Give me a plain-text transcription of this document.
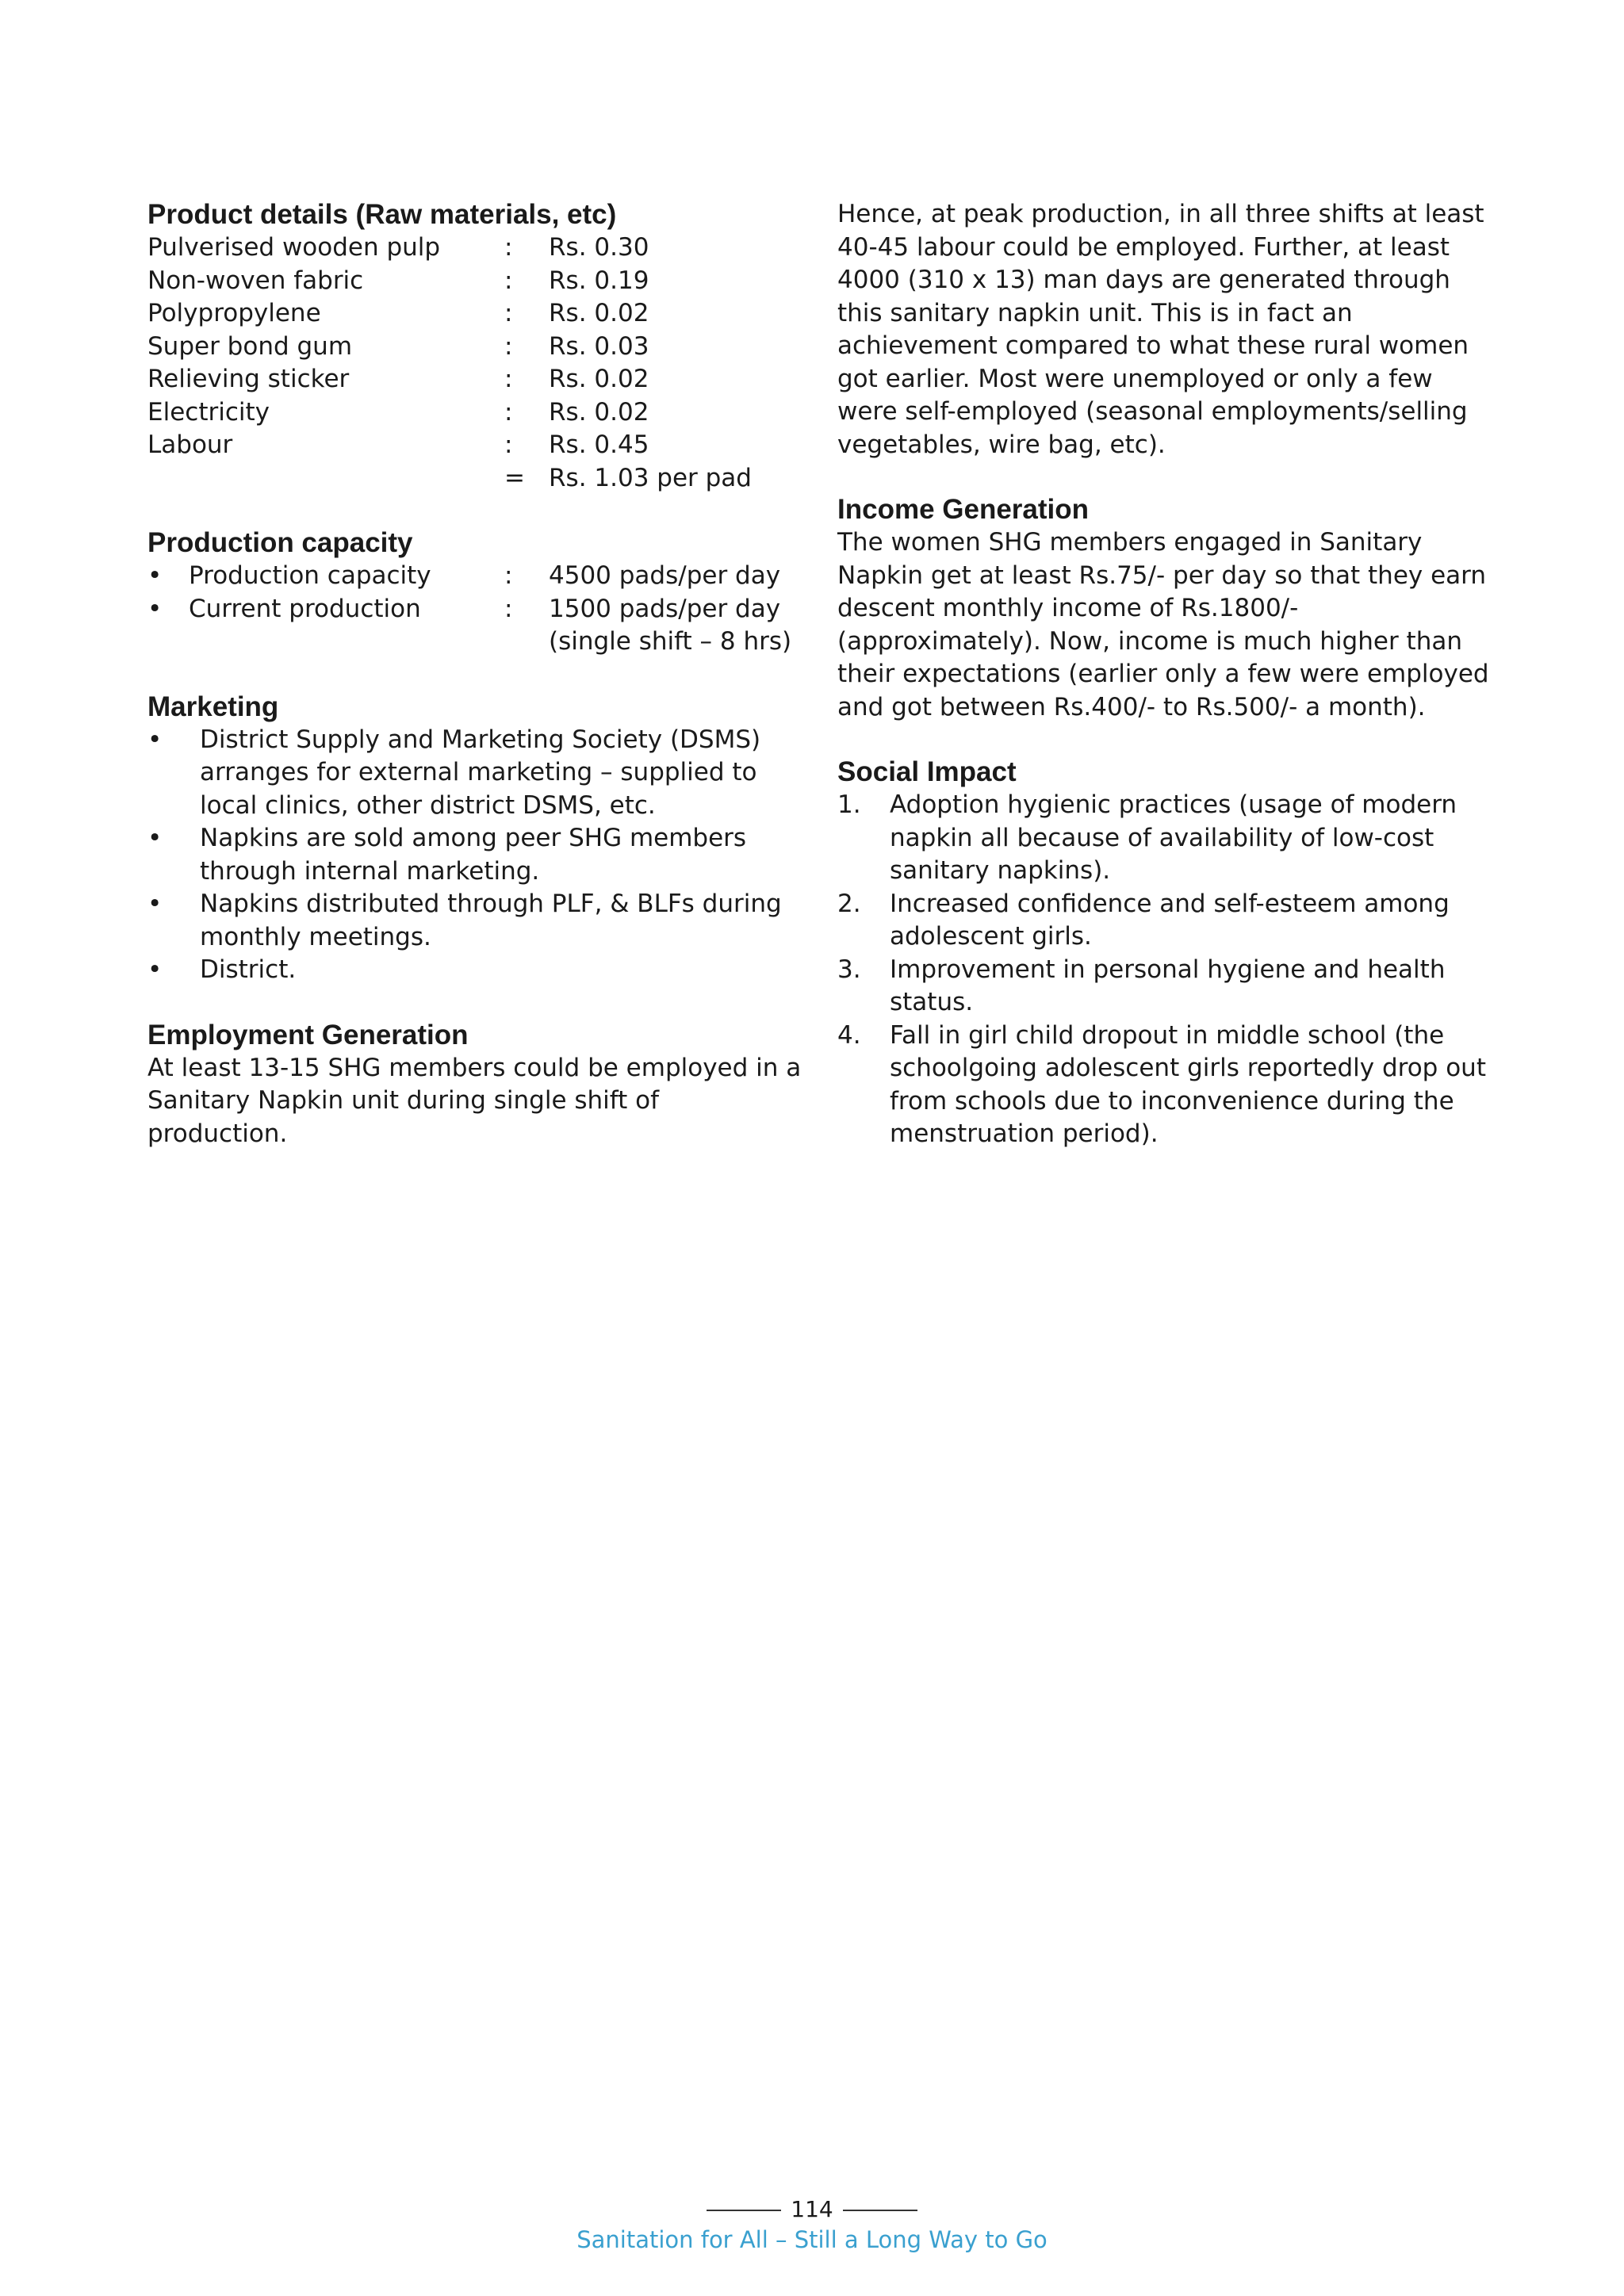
Product details (Raw materials, etc)
Pulverised wooden pulp	:	Rs. 0.30
Non-woven fabric	:	Rs. 0.19
Polypropylene	:	Rs. 0.02
Super bond gum	:	Rs. 0.03
Relieving sticker	:	Rs. 0.02
Electricity	:	Rs. 0.02
Labour	:	Rs. 0.45
	=	Rs. 1.03 per pad
Production capacity
• Production capacity	:	4500 pads/per day
• Current production	:	1500 pads/per day
		(single shift – 8 hrs)
Marketing
• District Supply and Marketing Society (DSMS) arranges for external marketing – supplied to local clinics, other district DSMS, etc.
• Napkins are sold among peer SHG members through internal marketing.
• Napkins distributed through PLF, & BLFs during monthly meetings.
• District.
Employment Generation

At least 13-15 SHG members could be employed in a Sanitary Napkin unit during single shift of production.

Hence, at peak production, in all three shifts at least 40-45 labour could be employed. Further, at least 4000 (310 x 13) man days are generated through this sanitary napkin unit. This is in fact an achievement compared to what these rural women got earlier. Most were unemployed or only a few were self-employed (seasonal employments/selling vegetables, wire bag, etc).

Income Generation

The women SHG members engaged in Sanitary Napkin get at least Rs.75/- per day so that they earn descent monthly income of Rs.1800/- (approximately). Now, income is much higher than their expectations (earlier only a few were employed and got between Rs.400/- to Rs.500/- a month).

Social Impact
1. Adoption hygienic practices (usage of modern napkin all because of availability of low-cost sanitary napkins).
2. Increased confidence and self-esteem among adolescent girls.
3. Improvement in personal hygiene and health status.
4. Fall in girl child dropout in middle school (the schoolgoing adolescent girls reportedly drop out from schools due to inconvenience during the menstruation period).
114
Sanitation for All – Still a Long Way to Go
